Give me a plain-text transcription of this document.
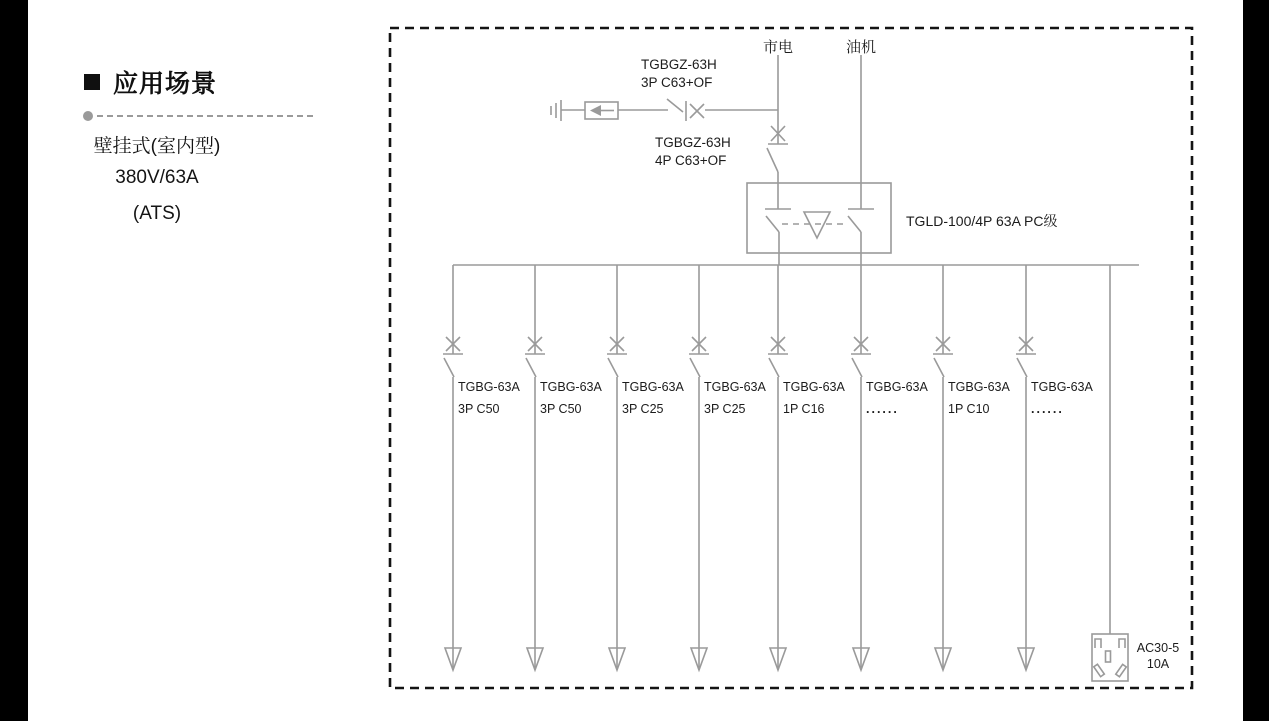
应用场景
壁挂式(室内型)
380V/63A
(ATS)
市电	油机
TGBGZ-63H
3P C63+OF
TGBGZ-63H
4P C63+OF
TGLD-100/4P 63A PC级
TGBG-63A
3P C50
TGBG-63A
3P C50
TGBG-63A
3P C25
TGBG-63A
3P C25
TGBG-63A
1P C16
TGBG-63A
......
TGBG-63A
1P C10
TGBG-63A
......
AC30-5
10A
